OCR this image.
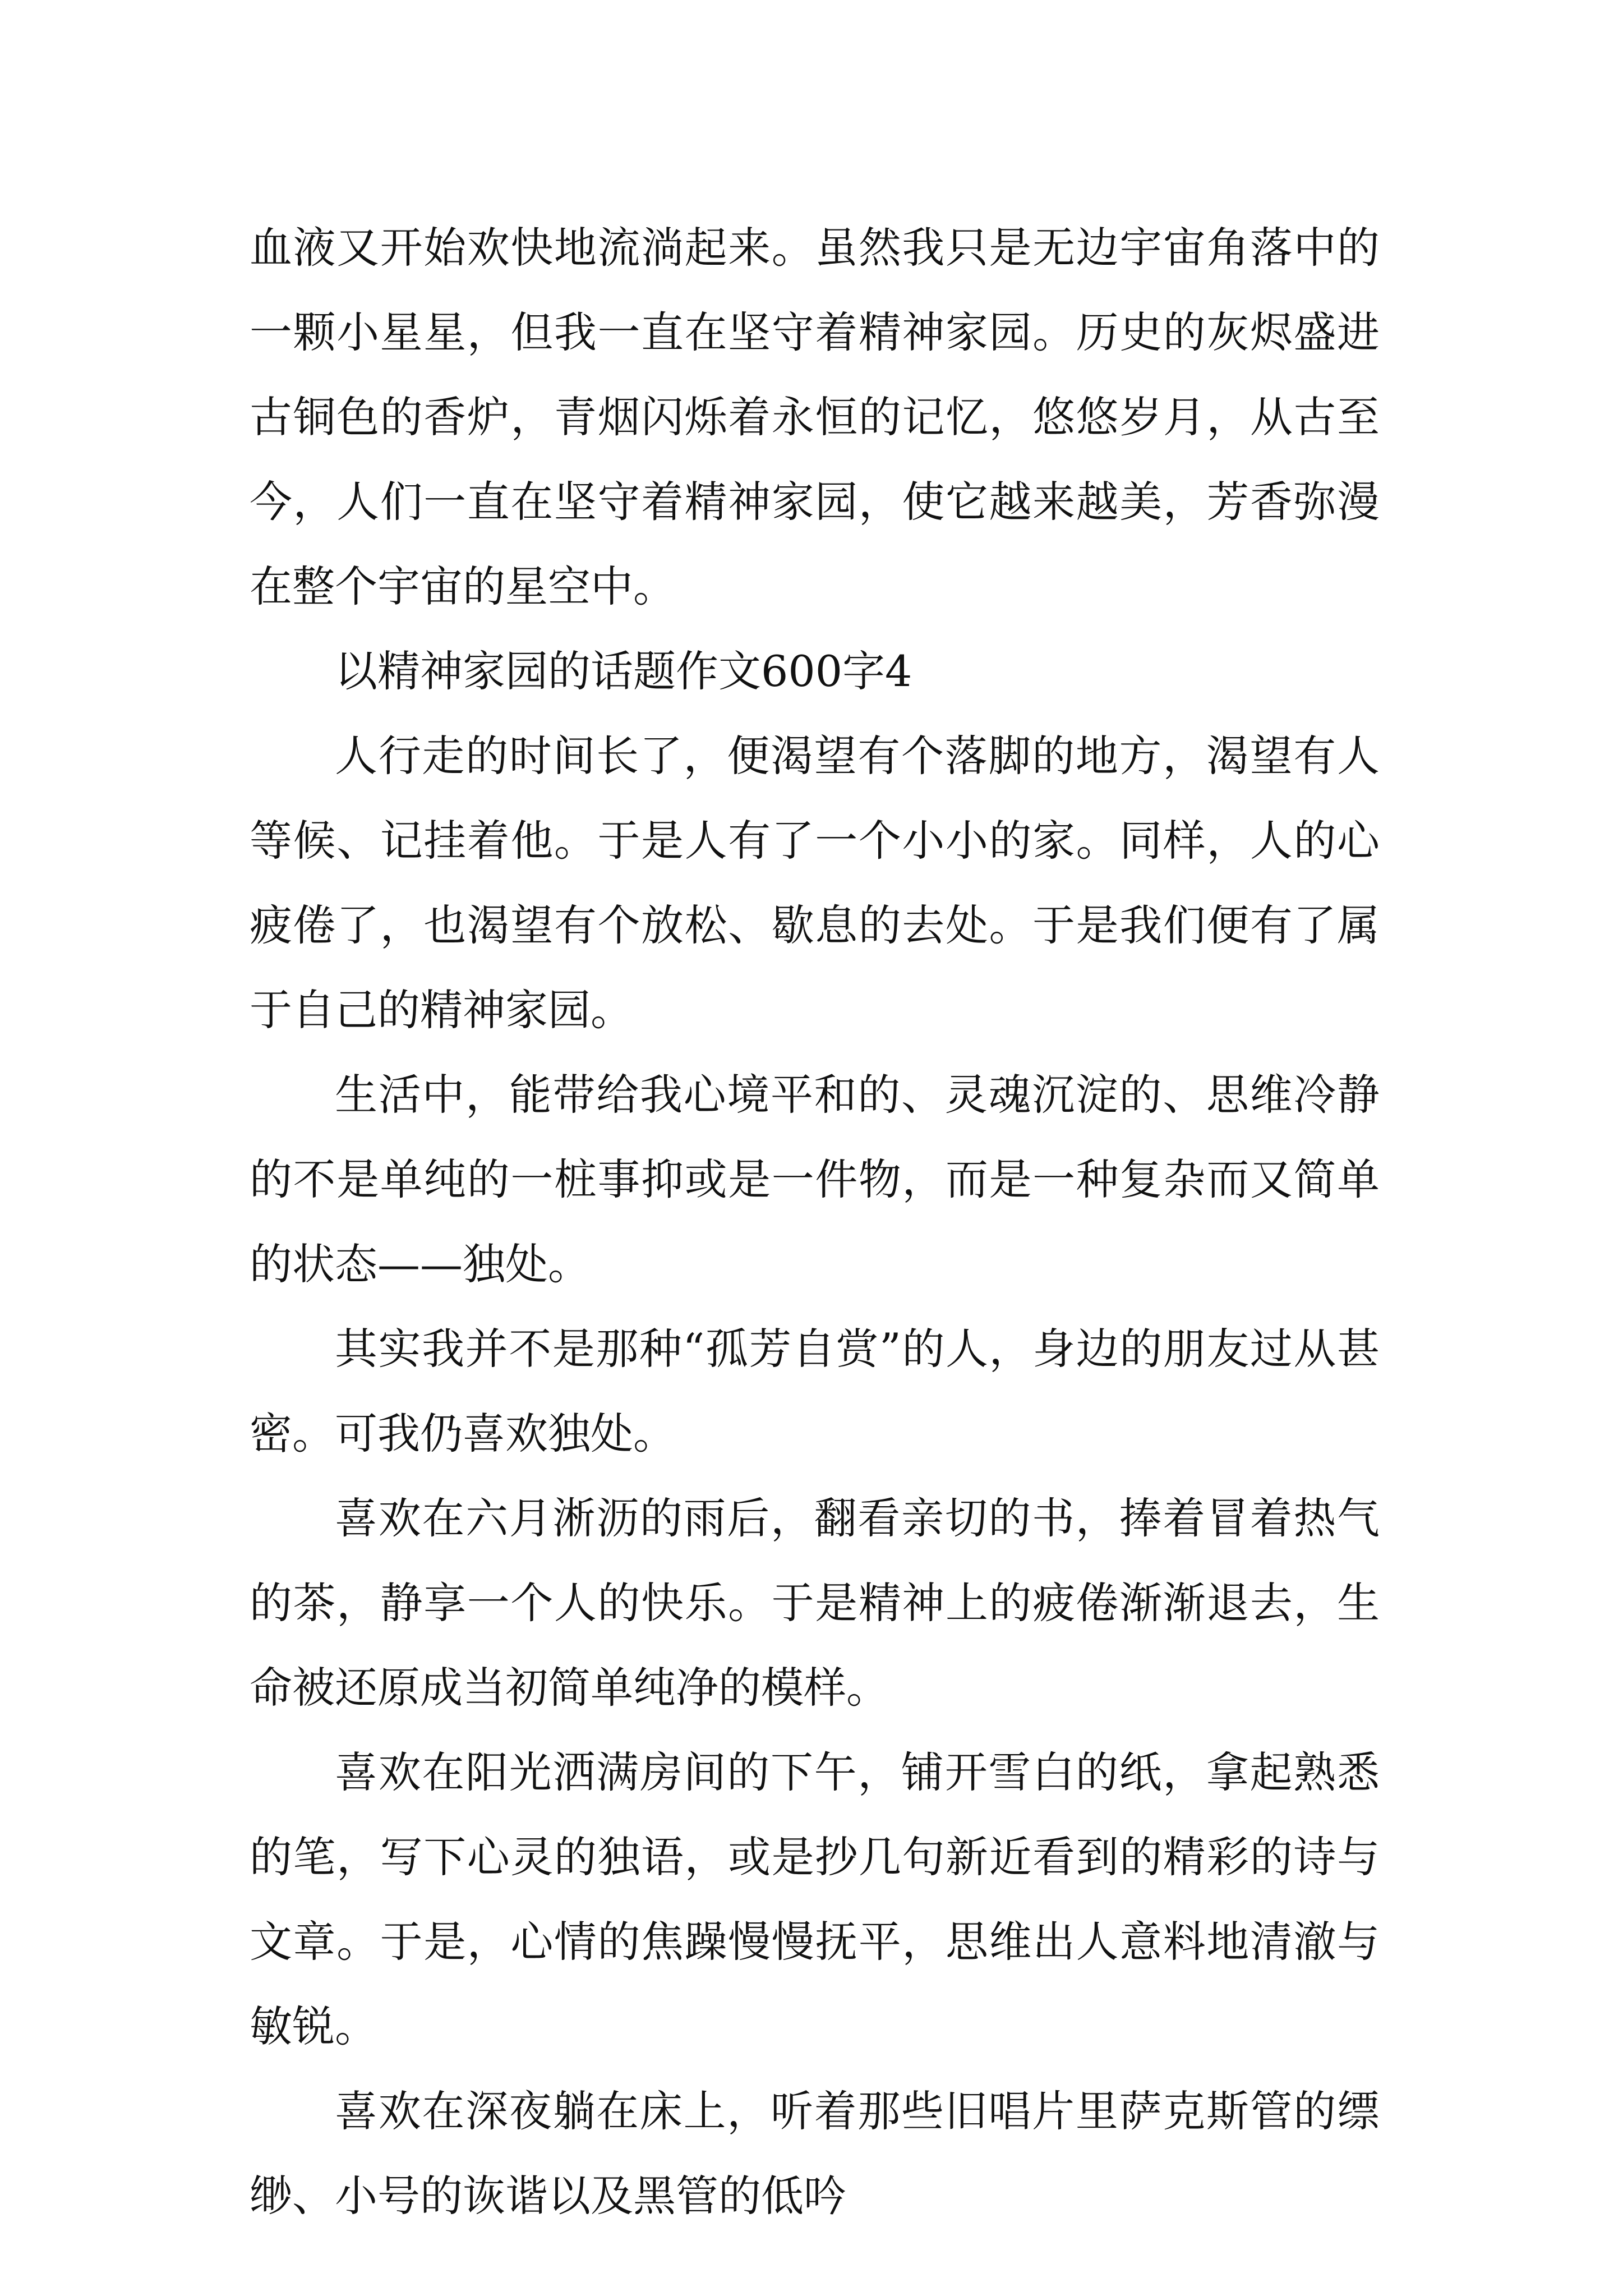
血液又开始欢快地流淌起来。虽然我只是无边宇宙角落中的一颗小星星，但我一直在坚守着精神家园。历史的灰烬盛进古铜色的香炉，青烟闪烁着永恒的记忆，悠悠岁月，从古至今，人们一直在坚守着精神家园，使它越来越美，芳香弥漫在整个宇宙的星空中。

以精神家园的话题作文600字4

人行走的时间长了，便渴望有个落脚的地方，渴望有人等候、记挂着他。于是人有了一个小小的家。同样，人的心疲倦了，也渴望有个放松、歇息的去处。于是我们便有了属于自己的精神家园。

生活中，能带给我心境平和的、灵魂沉淀的、思维冷静的不是单纯的一桩事抑或是一件物，而是一种复杂而又简单的状态——独处。

其实我并不是那种“孤芳自赏”的人，身边的朋友过从甚密。可我仍喜欢独处。

喜欢在六月淅沥的雨后，翻看亲切的书，捧着冒着热气的茶，静享一个人的快乐。于是精神上的疲倦渐渐退去，生命被还原成当初简单纯净的模样。

喜欢在阳光洒满房间的下午，铺开雪白的纸，拿起熟悉的笔，写下心灵的独语，或是抄几句新近看到的精彩的诗与文章。于是，心情的焦躁慢慢抚平，思维出人意料地清澈与敏锐。

喜欢在深夜躺在床上，听着那些旧唱片里萨克斯管的缥缈、小号的诙谐以及黑管的低吟
